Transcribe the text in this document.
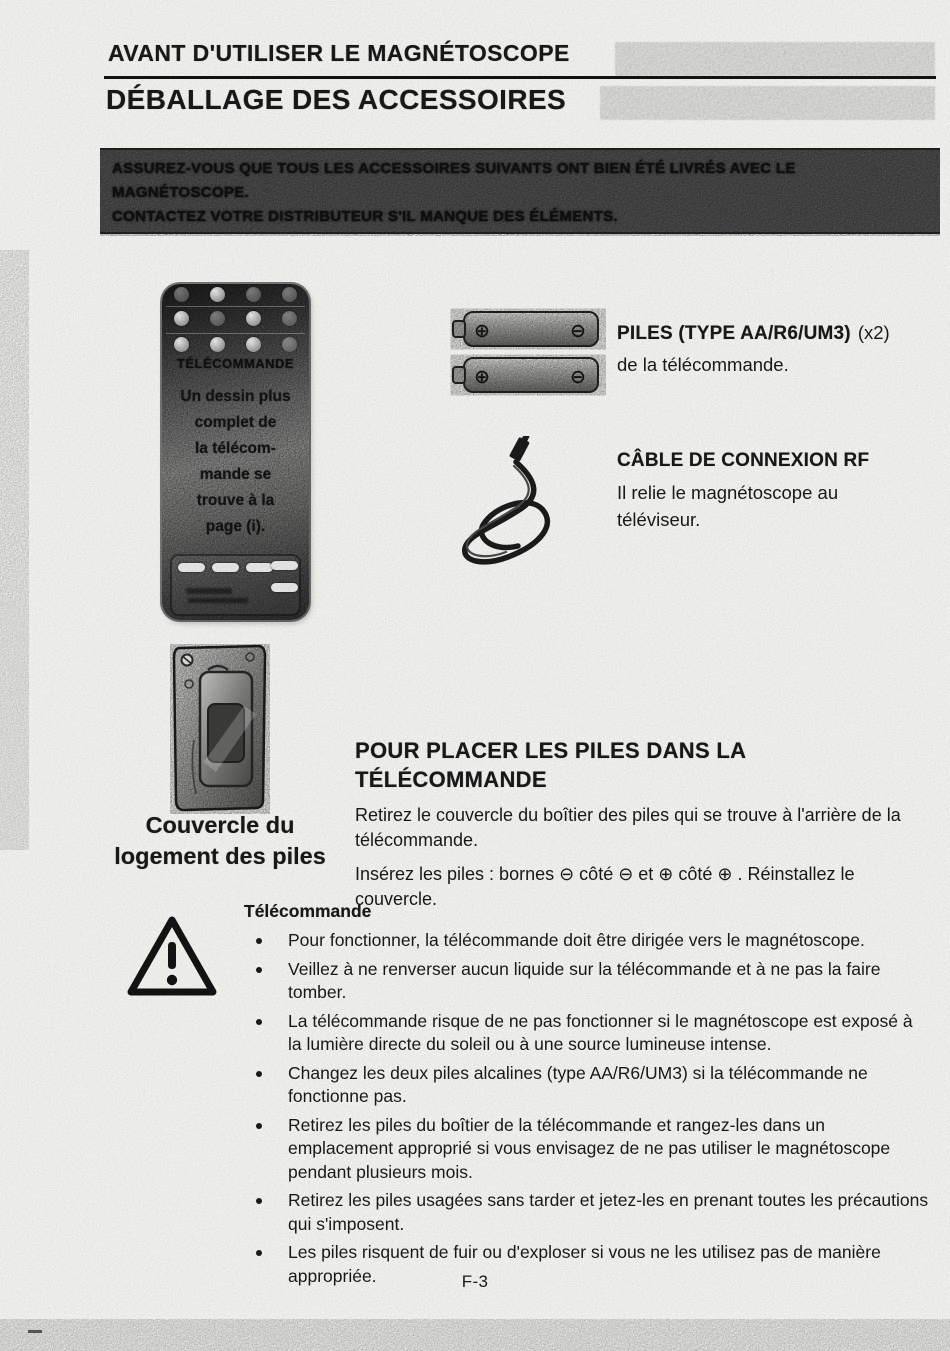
AVANT D'UTILISER LE MAGNÉTOSCOPE
DÉBALLAGE DES ACCESSOIRES
ASSUREZ-VOUS QUE TOUS LES ACCESSOIRES SUIVANTS ONT BIEN ÉTÉ LIVRÉS AVEC LE
MAGNÉTOSCOPE.
CONTACTEZ VOTRE DISTRIBUTEUR S'IL MANQUE DES ÉLÉMENTS.
TÉLÉCOMMANDE
Un dessin plus
complet de
la télécom-
mande se
trouve à la
page (i).
⊕	⊖
⊕	⊖
PILES (TYPE AA/R6/UM3) (x2)
de la télécommande.
CÂBLE DE CONNEXION RF
Il relie le magnétoscope au
téléviseur.
Couvercle du
logement des piles
POUR PLACER LES PILES DANS LA
TÉLÉCOMMANDE
Retirez le couvercle du boîtier des piles qui se trouve à l'arrière de la télécommande.
Insérez les piles : bornes ⊖ côté ⊖ et ⊕ côté ⊕ . Réinstallez le couvercle.
Télécommande
Pour fonctionner, la télécommande doit être dirigée vers le magnétoscope.
Veillez à ne renverser aucun liquide sur la télécommande et à ne pas la faire tomber.
La télécommande risque de ne pas fonctionner si le magnétoscope est exposé à la lumière directe du soleil ou à une source lumineuse intense.
Changez les deux piles alcalines (type AA/R6/UM3) si la télécommande ne fonctionne pas.
Retirez les piles du boîtier de la télécommande et rangez-les dans un emplacement approprié si vous envisagez de ne pas utiliser le magnétoscope pendant plusieurs mois.
Retirez les piles usagées sans tarder et jetez-les en prenant toutes les précautions qui s'imposent.
Les piles risquent de fuir ou d'exploser si vous ne les utilisez pas de manière appropriée.	F-3
